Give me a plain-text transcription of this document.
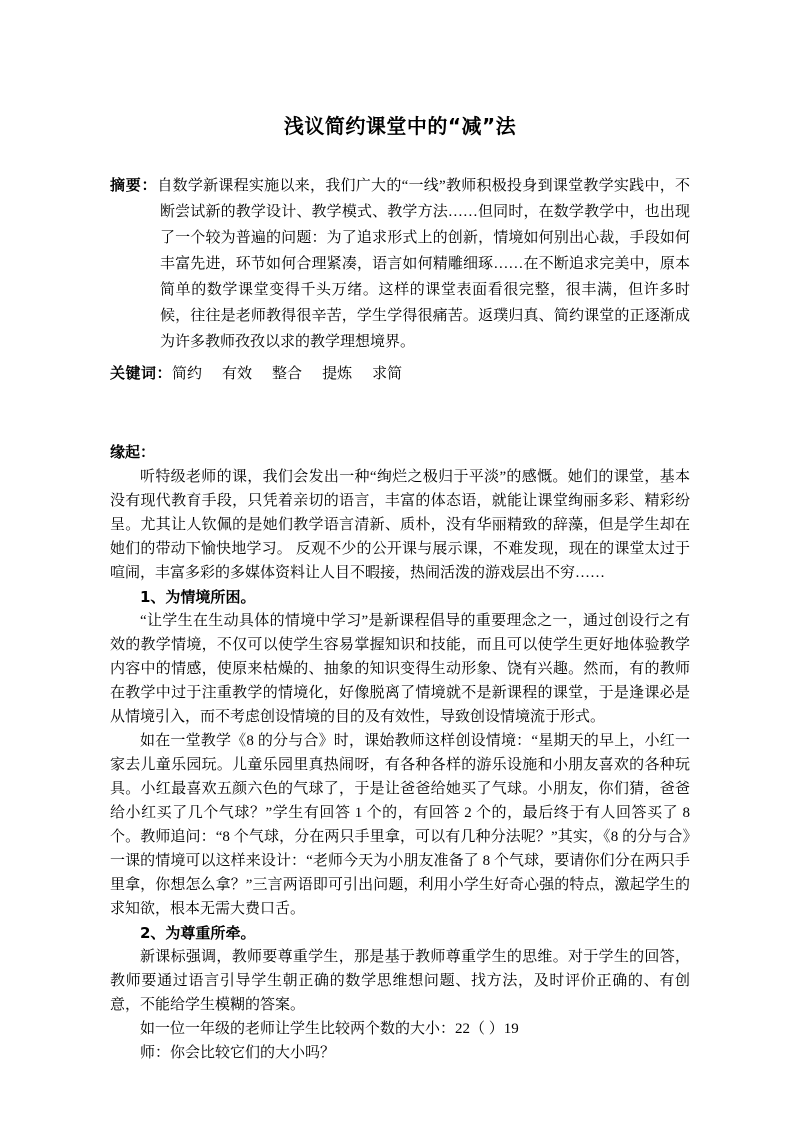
浅议简约课堂中的“减”法
摘要：自数学新课程实施以来，我们广大的“一线”教师积极投身到课堂教学实践中，不断尝试新的教学设计、教学模式、教学方法……但同时，在数学教学中，也出现了一个较为普遍的问题：为了追求形式上的创新，情境如何别出心裁，手段如何丰富先进，环节如何合理紧凑，语言如何精雕细琢……在不断追求完美中，原本简单的数学课堂变得千头万绪。这样的课堂表面看很完整，很丰满，但许多时候，往往是老师教得很辛苦，学生学得很痛苦。返璞归真、简约课堂的正逐渐成为许多教师孜孜以求的教学理想境界。
关键词：简约 有效 整合 提炼 求简
缘起：

听特级老师的课，我们会发出一种“绚烂之极归于平淡”的感慨。她们的课堂，基本没有现代教育手段，只凭着亲切的语言，丰富的体态语，就能让课堂绚丽多彩、精彩纷呈。尤其让人钦佩的是她们教学语言清新、质朴，没有华丽精致的辞藻，但是学生却在她们的带动下愉快地学习。 反观不少的公开课与展示课，不难发现，现在的课堂太过于喧闹，丰富多彩的多媒体资料让人目不暇接，热闹活泼的游戏层出不穷……

1、为情境所困。

“让学生在生动具体的情境中学习”是新课程倡导的重要理念之一，通过创设行之有效的教学情境，不仅可以使学生容易掌握知识和技能，而且可以使学生更好地体验教学内容中的情感，使原来枯燥的、抽象的知识变得生动形象、饶有兴趣。然而，有的教师在教学中过于注重教学的情境化，好像脱离了情境就不是新课程的课堂，于是逢课必是从情境引入，而不考虑创设情境的目的及有效性，导致创设情境流于形式。

如在一堂教学《8 的分与合》时，课始教师这样创设情境：“星期天的早上，小红一家去儿童乐园玩。儿童乐园里真热闹呀，有各种各样的游乐设施和小朋友喜欢的各种玩具。小红最喜欢五颜六色的气球了，于是让爸爸给她买了气球。小朋友，你们猜，爸爸给小红买了几个气球？”学生有回答 1 个的，有回答 2 个的，最后终于有人回答买了 8 个。教师追问：“8 个气球，分在两只手里拿，可以有几种分法呢？”其实，《8 的分与合》一课的情境可以这样来设计：“老师今天为小朋友准备了 8 个气球，要请你们分在两只手里拿，你想怎么拿？”三言两语即可引出问题，利用小学生好奇心强的特点，激起学生的求知欲，根本无需大费口舌。

2、为尊重所牵。

新课标强调，教师要尊重学生，那是基于教师尊重学生的思维。对于学生的回答，教师要通过语言引导学生朝正确的数学思维想问题、找方法，及时评价正确的、有创意，不能给学生模糊的答案。

如一位一年级的老师让学生比较两个数的大小：22（ ）19

师：你会比较它们的大小吗？
